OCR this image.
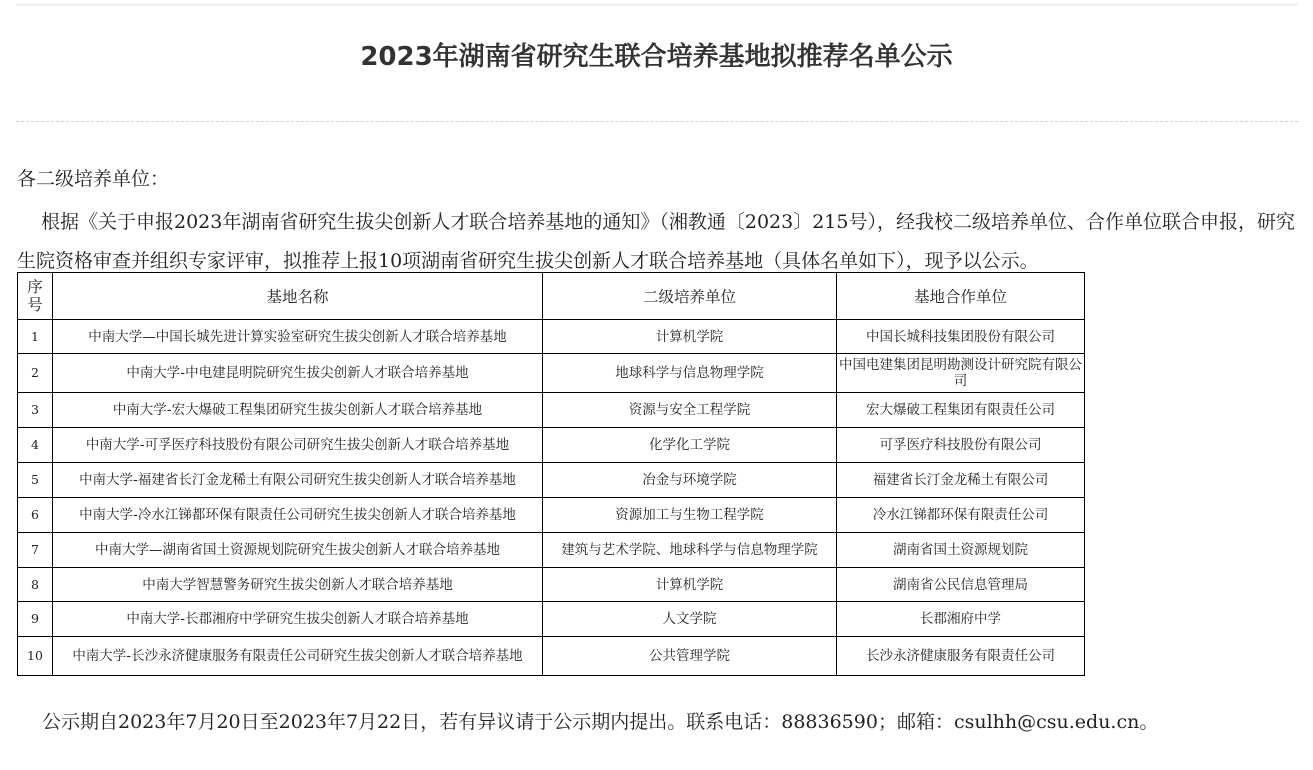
2023年湖南省研究生联合培养基地拟推荐名单公示
各二级培养单位：
根据《关于申报2023年湖南省研究生拔尖创新人才联合培养基地的通知》（湘教通〔2023〕215号），经我校二级培养单位、合作单位联合申报，研究生院资格审查并组织专家评审，拟推荐上报10项湖南省研究生拔尖创新人才联合培养基地（具体名单如下），现予以公示。
序号	基地名称	二级培养单位	基地合作单位
1	中南大学—中国长城先进计算实验室研究生拔尖创新人才联合培养基地	计算机学院	中国长城科技集团股份有限公司
2	中南大学-中电建昆明院研究生拔尖创新人才联合培养基地	地球科学与信息物理学院	中国电建集团昆明勘测设计研究院有限公司
3	中南大学-宏大爆破工程集团研究生拔尖创新人才联合培养基地	资源与安全工程学院	宏大爆破工程集团有限责任公司
4	中南大学-可孚医疗科技股份有限公司研究生拔尖创新人才联合培养基地	化学化工学院	可孚医疗科技股份有限公司
5	中南大学-福建省长汀金龙稀土有限公司研究生拔尖创新人才联合培养基地	冶金与环境学院	福建省长汀金龙稀土有限公司
6	中南大学-冷水江锑都环保有限责任公司研究生拔尖创新人才联合培养基地	资源加工与生物工程学院	冷水江锑都环保有限责任公司
7	中南大学—湖南省国土资源规划院研究生拔尖创新人才联合培养基地	建筑与艺术学院、地球科学与信息物理学院	湖南省国土资源规划院
8	中南大学智慧警务研究生拔尖创新人才联合培养基地	计算机学院	湖南省公民信息管理局
9	中南大学-长郡湘府中学研究生拔尖创新人才联合培养基地	人文学院	长郡湘府中学
10	中南大学-长沙永济健康服务有限责任公司研究生拔尖创新人才联合培养基地	公共管理学院	长沙永济健康服务有限责任公司
公示期自2023年7月20日至2023年7月22日，若有异议请于公示期内提出。联系电话：88836590；邮箱：csulhh@csu.edu.cn。
